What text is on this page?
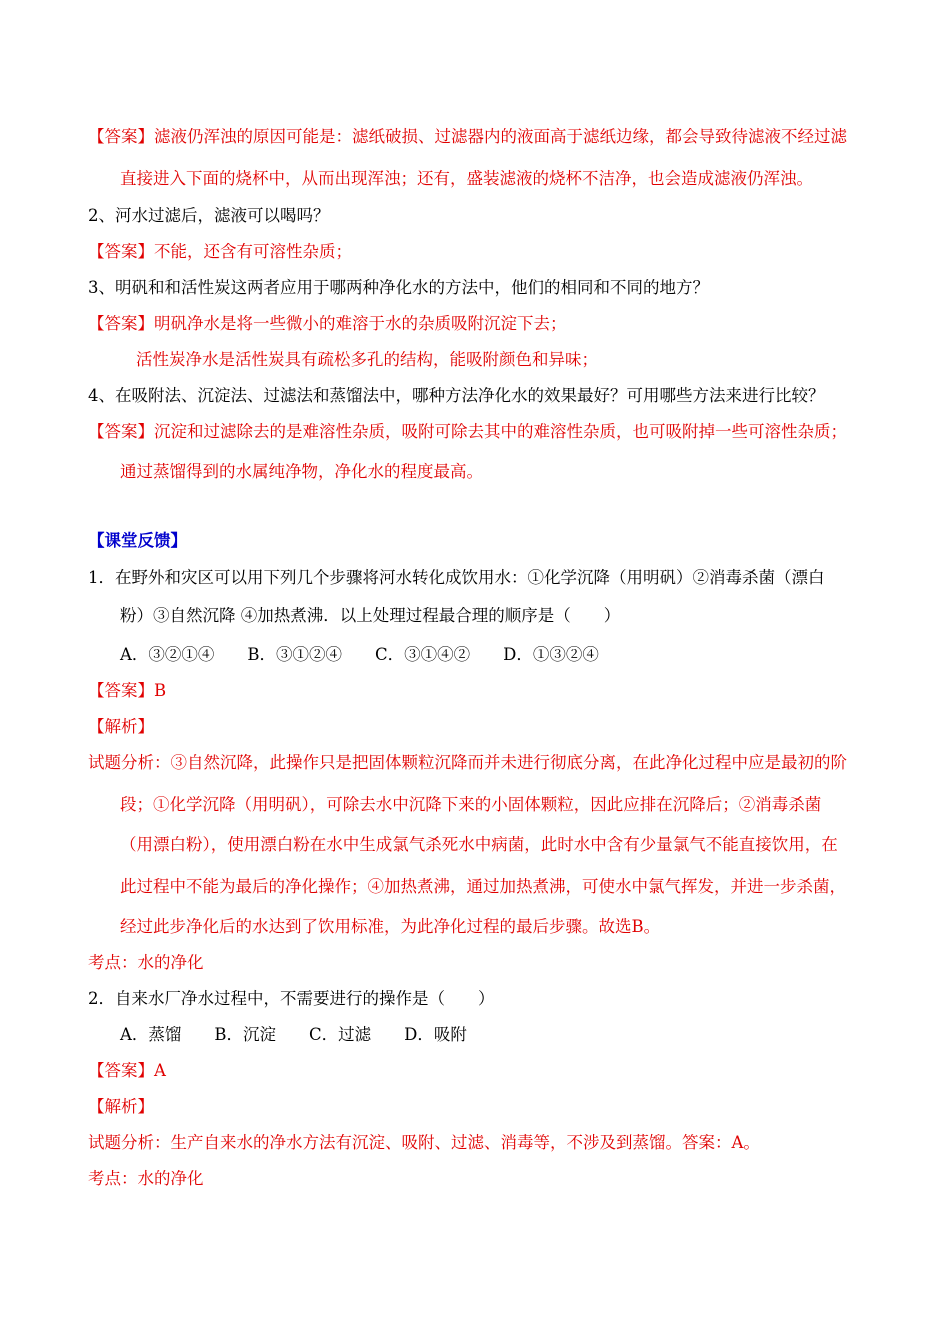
【答案】滤液仍浑浊的原因可能是：滤纸破损、过滤器内的液面高于滤纸边缘，都会导致待滤液不经过滤
直接进入下面的烧杯中，从而出现浑浊；还有，盛装滤液的烧杯不洁净，也会造成滤液仍浑浊。
2、河水过滤后，滤液可以喝吗？
【答案】不能，还含有可溶性杂质；
3、明矾和和活性炭这两者应用于哪两种净化水的方法中，他们的相同和不同的地方？
【答案】明矾净水是将一些微小的难溶于水的杂质吸附沉淀下去；
活性炭净水是活性炭具有疏松多孔的结构，能吸附颜色和异味；
4、在吸附法、沉淀法、过滤法和蒸馏法中，哪种方法净化水的效果最好？可用哪些方法来进行比较？
【答案】沉淀和过滤除去的是难溶性杂质，吸附可除去其中的难溶性杂质，也可吸附掉一些可溶性杂质；
通过蒸馏得到的水属纯净物，净化水的程度最高。
【课堂反馈】
1．在野外和灾区可以用下列几个步骤将河水转化成饮用水：①化学沉降（用明矾）②消毒杀菌（漂白
粉）③自然沉降 ④加热煮沸．以上处理过程最合理的顺序是（　　）
A．③②①④　　B．③①②④　　C．③①④②　　D．①③②④
【答案】B
【解析】
试题分析：③自然沉降，此操作只是把固体颗粒沉降而并未进行彻底分离，在此净化过程中应是最初的阶
段；①化学沉降（用明矾），可除去水中沉降下来的小固体颗粒，因此应排在沉降后；②消毒杀菌
（用漂白粉），使用漂白粉在水中生成氯气杀死水中病菌，此时水中含有少量氯气不能直接饮用，在
此过程中不能为最后的净化操作；④加热煮沸，通过加热煮沸，可使水中氯气挥发，并进一步杀菌，
经过此步净化后的水达到了饮用标准，为此净化过程的最后步骤。故选B。
考点：水的净化
2．自来水厂净水过程中，不需要进行的操作是（　　）
A．蒸馏　　B．沉淀　　C．过滤　　D．吸附
【答案】A
【解析】
试题分析：生产自来水的净水方法有沉淀、吸附、过滤、消毒等，不涉及到蒸馏。答案：A。
考点：水的净化
